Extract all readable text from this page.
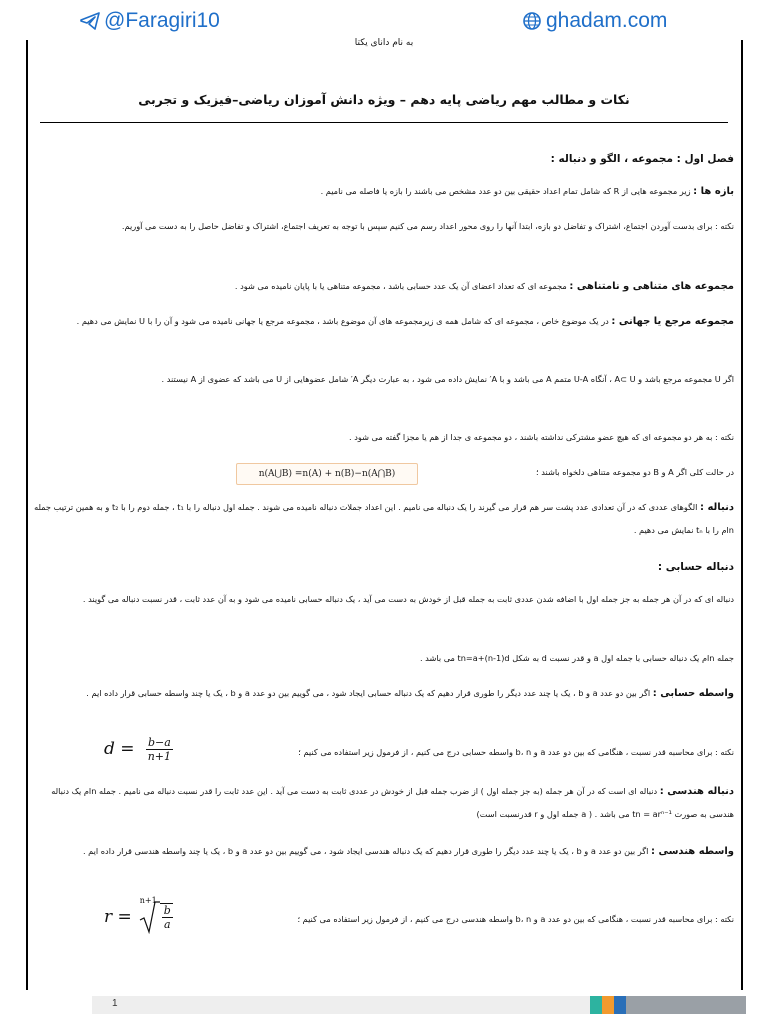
@Faragiri10	ghadam.com
به نام دانای یکتا
نکات و مطالب مهم ریاضی پایه دهم – ویژه دانش آموزان ریاضی–فیزیک و تجربی
فصل اول : مجموعه ، الگو و دنباله :
بازه ها : زیر مجموعه هایی از R که شامل تمام اعداد حقیقی بین دو عدد مشخص می باشند را بازه یا فاصله می نامیم .
نکته : برای بدست آوردن اجتماع، اشتراک و تفاضل دو بازه، ابتدا آنها را روی محور اعداد رسم می کنیم سپس با توجه به تعریف اجتماع، اشتراک و تفاضل حاصل را به دست می آوریم.
مجموعه های متناهی و نامتناهی : مجموعه ای که تعداد اعضای آن یک عدد حسابی باشد ، مجموعه متناهی یا با پایان نامیده می شود .
مجموعه مرجع یا جهانی : در یک موضوع خاص ، مجموعه ای که شامل همه ی زیرمجموعه های آن موضوع باشد ، مجموعه مرجع یا جهانی نامیده می شود و آن را با U نمایش می دهیم .
اگر U مجموعه مرجع باشد و A⊂ U ، آنگاه U-A متمم A می باشد و با A′ نمایش داده می شود ، به عبارت دیگر A′ شامل عضوهایی از U می باشد که عضوی از A نیستند .
نکته : به هر دو مجموعه ای که هیچ عضو مشترکی نداشته باشند ، دو مجموعه ی جدا از هم یا مجزا گفته می شود .
در حالت کلی اگر A و B دو مجموعه متناهی دلخواه باشند ؛
n(A⋃B) =n(A) + n(B)−n(A⋂B)
دنباله : الگوهای عددی که در آن تعدادی عدد پشت سر هم قرار می گیرند را یک دنباله می نامیم . این اعداد جملات دنباله نامیده می شوند . جمله اول دنباله را با t₁ ، جمله دوم را با t₂ و به همین ترتیب جمله nام را با tₙ نمایش می دهیم .
دنباله حسابی :
دنباله ای که در آن هر جمله به جز جمله اول با اضافه شدن عددی ثابت به جمله قبل از خودش به دست می آید ، یک دنباله حسابی نامیده می شود و به آن عدد ثابت ، قدر نسبت دنباله می گویند .
جمله nام یک دنباله حسابی با جمله اول a و قدر نسبت d به شکل tn=a+(n-1)d می باشد .
واسطه حسابی : اگر بین دو عدد a و b ، یک یا چند عدد دیگر را طوری قرار دهیم که یک دنباله حسابی ایجاد شود ، می گوییم بین دو عدد a و b ، یک یا چند واسطه حسابی قرار داده ایم .
نکته : برای محاسبه قدر نسبت ، هنگامی که بین دو عدد a و b، n واسطه حسابی درج می کنیم ، از فرمول زیر استفاده می کنیم ؛
$d = \frac{b-a}{n+1}$
دنباله هندسی : دنباله ای است که در آن هر جمله (به جز جمله اول ) از ضرب جمله قبل از خودش در عددی ثابت به دست می آید . این عدد ثابت را قدر نسبت دنباله می نامیم . جمله nام یک دنباله هندسی به صورت tn = arⁿ⁻¹ می باشد . ( a جمله اول و r قدرنسبت است)
واسطه هندسی : اگر بین دو عدد a و b ، یک یا چند عدد دیگر را طوری قرار دهیم که یک دنباله هندسی ایجاد شود ، می گوییم بین دو عدد a و b ، یک یا چند واسطه هندسی قرار داده ایم .
نکته : برای محاسبه قدر نسبت ، هنگامی که بین دو عدد a و b، n واسطه هندسی درج می کنیم ، از فرمول زیر استفاده می کنیم ؛
r =
n+1
$\frac{b}{a}$
1
